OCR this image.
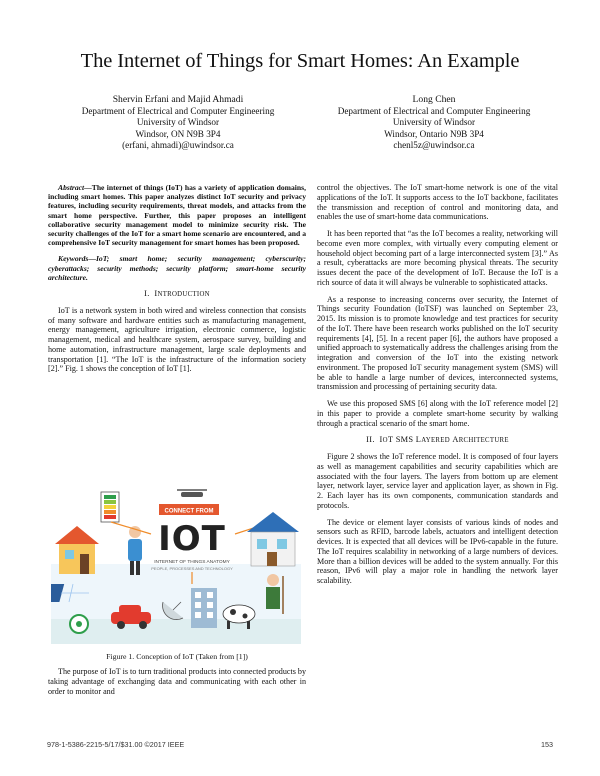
The Internet of Things for Smart Homes: An Example
Shervin Erfani and Majid Ahmadi
Department of Electrical and Computer Engineering
University of Windsor
Windsor, ON N9B 3P4
(erfani, ahmadi)@uwindsor.ca
Long Chen
Department of Electrical and Computer Engineering
University of Windsor
Windsor, Ontario N9B 3P4
chenl5z@uwindsor.ca
Abstract—The internet of things (IoT) has a variety of application domains, including smart homes. This paper analyzes distinct IoT security and privacy features, including security requirements, threat models, and attacks from the smart home perspective. Further, this paper proposes an intelligent collaborative security management model to minimize security risk. The security challenges of the IoT for a smart home scenario are encountered, and a comprehensive IoT security management for smart homes has been proposed.
Keywords—IoT; smart home; security management; cyberscurity; cyberattacks; security methods; security platform; smart-home security architecture.
I. INTRODUCTION

IoT is a network system in both wired and wireless connection that consists of many software and hardware entities such as manufacturing management, energy management, agriculture irrigation, electronic commerce, logistic management, medical and healthcare system, aerospace survey, building and home automation, infrastructure management, large scale deployments and transportation [1]. “The IoT is the infrastructure of the information society [2].” Fig. 1 shows the conception of IoT [1].

CONNECT FROM
IOT
INTERNET OF THINGS ANATOMY
PEOPLE, PROCESSES AND TECHNOLOGY
Figure 1. Conception of IoT (Taken from [1])

The purpose of IoT is to turn traditional products into connected products by taking advantage of exchanging data and communicating with each other in order to monitor and

control the objectives. The IoT smart-home network is one of the vital applications of the IoT. It supports access to the IoT backbone, facilitates the transmission and reception of control and monitoring data, and enables the use of smart-home data communications.

It has been reported that “as the IoT becomes a reality, networking will become even more complex, with virtually every computing element or household object becoming part of a large interconnected system [3].” As a result, cyberattacks are more becoming physical threats. The security issues decent the pace of the development of IoT. Because the IoT is a rich source of data it will always be vulnerable to sophisticated attacks.

As a response to increasing concerns over security, the Internet of Things security Foundation (IoTSF) was launched on September 23, 2015. Its mission is to promote knowledge and test practices for security of the IoT. There have been research works published on the IoT security requirements [4], [5]. In a recent paper [6], the authors have proposed a unified approach to systematically address the challenges arising from the integration and conversion of the IoT into the existing network environment. The proposed IoT security management system (SMS) will be able to handle a large number of devices, interconnected systems, transmission and processing of pertaining security data.

We use this proposed SMS [6] along with the IoT reference model [2] in this paper to provide a complete smart-home security by walking through a practical scenario of the smart home.

II. IOT SMS LAYERED ARCHITECTURE

Figure 2 shows the IoT reference model. It is composed of four layers as well as management capabilities and security capabilities which are associated with the four layers. The layers from bottom up are element layer, network layer, service layer and application layer, as shown in Fig. 2. Each layer has its own components, communication standards and protocols.

The device or element layer consists of various kinds of nodes and sensors such as RFID, barcode labels, actuators and intelligent detection devices. It is expected that all devices will be IPv6-capable in the future. The IoT requires scalability in networking of a large numbers of devices. More than a billion devices will be added to the system annually. For this reason, IPv6 will play a major role in handling the network layer scalability.

978-1-5386-2215-5/17/$31.00 ©2017 IEEE	153
